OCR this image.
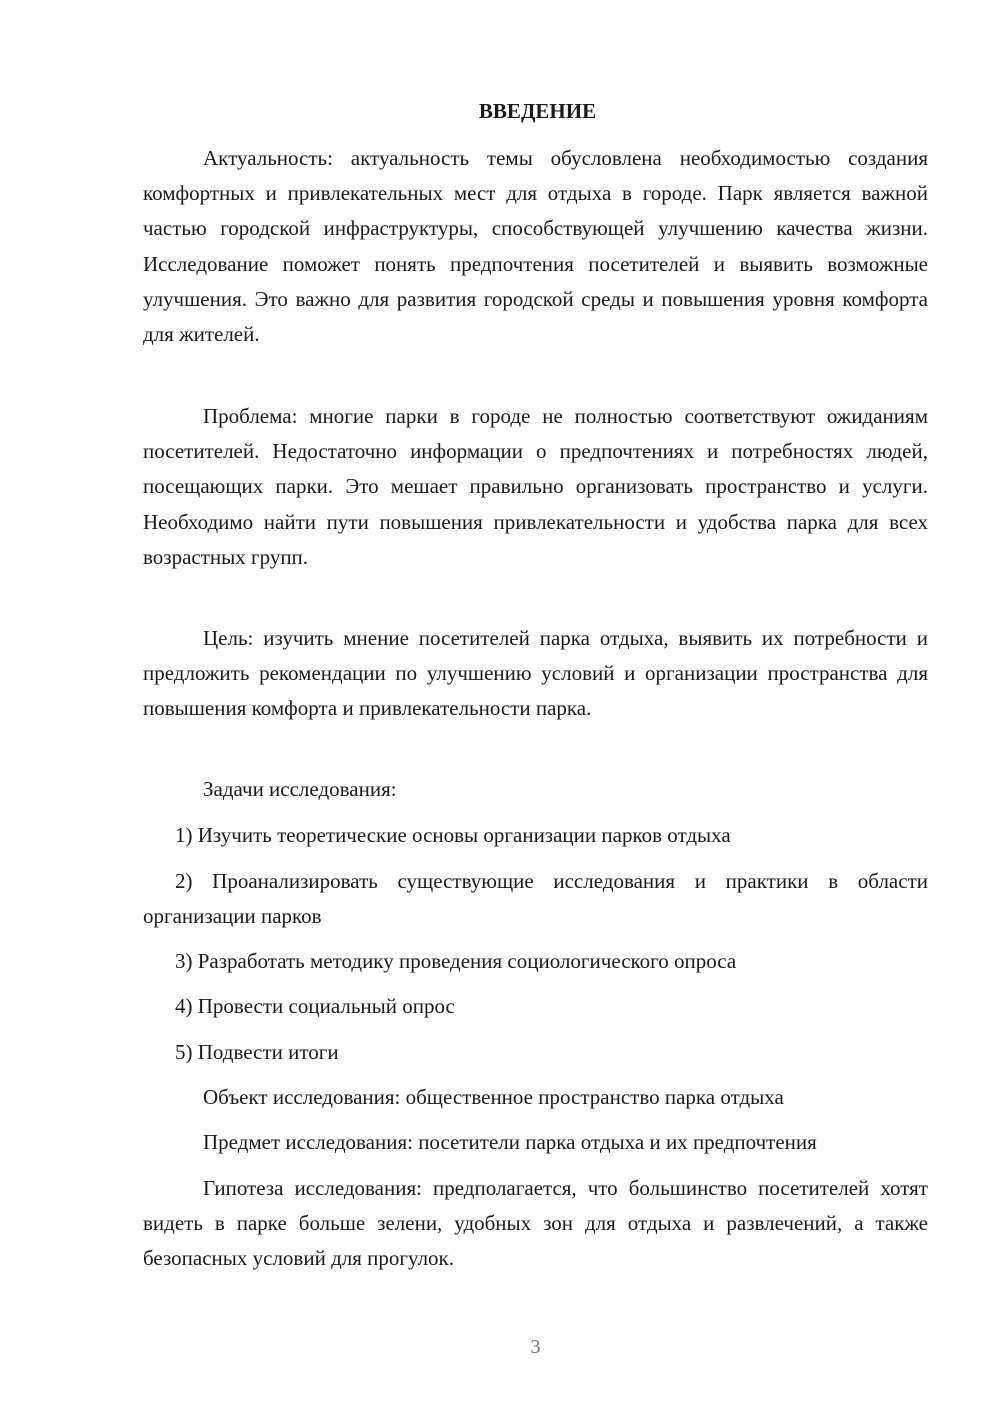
ВВЕДЕНИЕ

Актуальность: актуальность темы обусловлена необходимостью создания комфортных и привлекательных мест для отдыха в городе. Парк является важной частью городской инфраструктуры, способствующей улучшению качества жизни. Исследование поможет понять предпочтения посетителей и выявить возможные улучшения. Это важно для развития городской среды и повышения уровня комфорта для жителей.

Проблема: многие парки в городе не полностью соответствуют ожиданиям посетителей. Недостаточно информации о предпочтениях и потребностях людей, посещающих парки. Это мешает правильно организовать пространство и услуги. Необходимо найти пути повышения привлекательности и удобства парка для всех возрастных групп.

Цель: изучить мнение посетителей парка отдыха, выявить их потребности и предложить рекомендации по улучшению условий и организации пространства для повышения комфорта и привлекательности парка.

Задачи исследования:

1) Изучить теоретические основы организации парков отдыха

2) Проанализировать существующие исследования и практики в области организации парков

3) Разработать методику проведения социологического опроса

4) Провести социальный опрос

5) Подвести итоги

Объект исследования: общественное пространство парка отдыха

Предмет исследования: посетители парка отдыха и их предпочтения

Гипотеза исследования: предполагается, что большинство посетителей хотят видеть в парке больше зелени, удобных зон для отдыха и развлечений, а также безопасных условий для прогулок.

3
